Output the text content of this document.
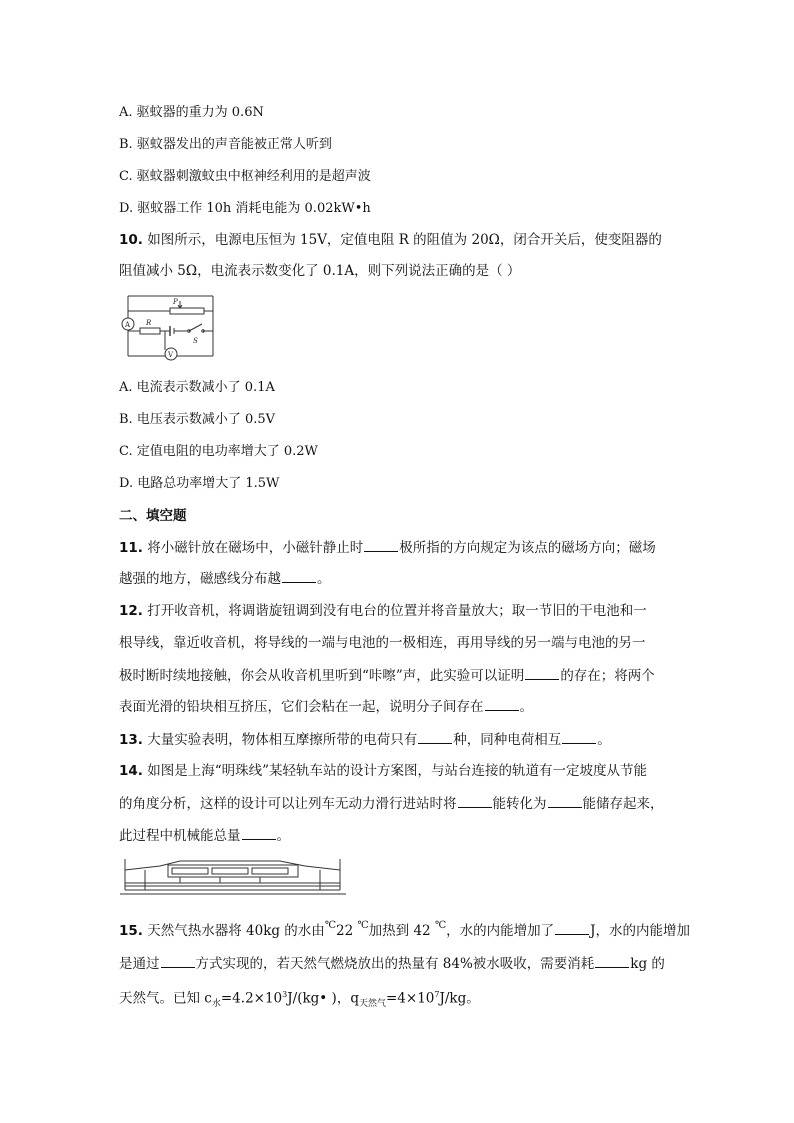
A. 驱蚊器的重力为 0.6N
B. 驱蚊器发出的声音能被正常人听到
C. 驱蚊器刺激蚊虫中枢神经利用的是超声波
D. 驱蚊器工作 10h 消耗电能为 0.02kW•h
10. 如图所示，电源电压恒为 15V，定值电阻 R 的阻值为 20Ω，闭合开关后，使变阻器的
阻值减小 5Ω，电流表示数变化了 0.1A，则下列说法正确的是（ ）
P
A R
S
V
A. 电流表示数减小了 0.1A
B. 电压表示数减小了 0.5V
C. 定值电阻的电功率增大了 0.2W
D. 电路总功率增大了 1.5W
二、填空题
11. 将小磁针放在磁场中，小磁针静止时	极所指的方向规定为该点的磁场方向；磁场
越强的地方，磁感线分布越	。
12. 打开收音机，将调谐旋钮调到没有电台的位置并将音量放大；取一节旧的干电池和一
根导线，靠近收音机，将导线的一端与电池的一极相连，再用导线的另一端与电池的另一
极时断时续地接触，你会从收音机里听到“咔嚓”声，此实验可以证明	的存在；将两个
表面光滑的铅块相互挤压，它们会粘在一起，说明分子间存在	。
13. 大量实验表明，物体相互摩擦所带的电荷只有	种，同种电荷相互	。
14. 如图是上海“明珠线”某轻轨车站的设计方案图，与站台连接的轨道有一定坡度从节能
的角度分析，这样的设计可以让列车无动力滑行进站时将	能转化为	能储存起来，
此过程中机械能总量	。
15. 天然气热水器将 40kg 的水由℃22 ℃加热到 42 ℃，水的内能增加了	J，水的内能增加
是通过	方式实现的，若天然气燃烧放出的热量有 84%被水吸收，需要消耗	kg 的
天然气。已知 $c_水=4.2\times 10^3J/(kg•$ )，$q_{天然气}=4\times 10^7J/kg$。
